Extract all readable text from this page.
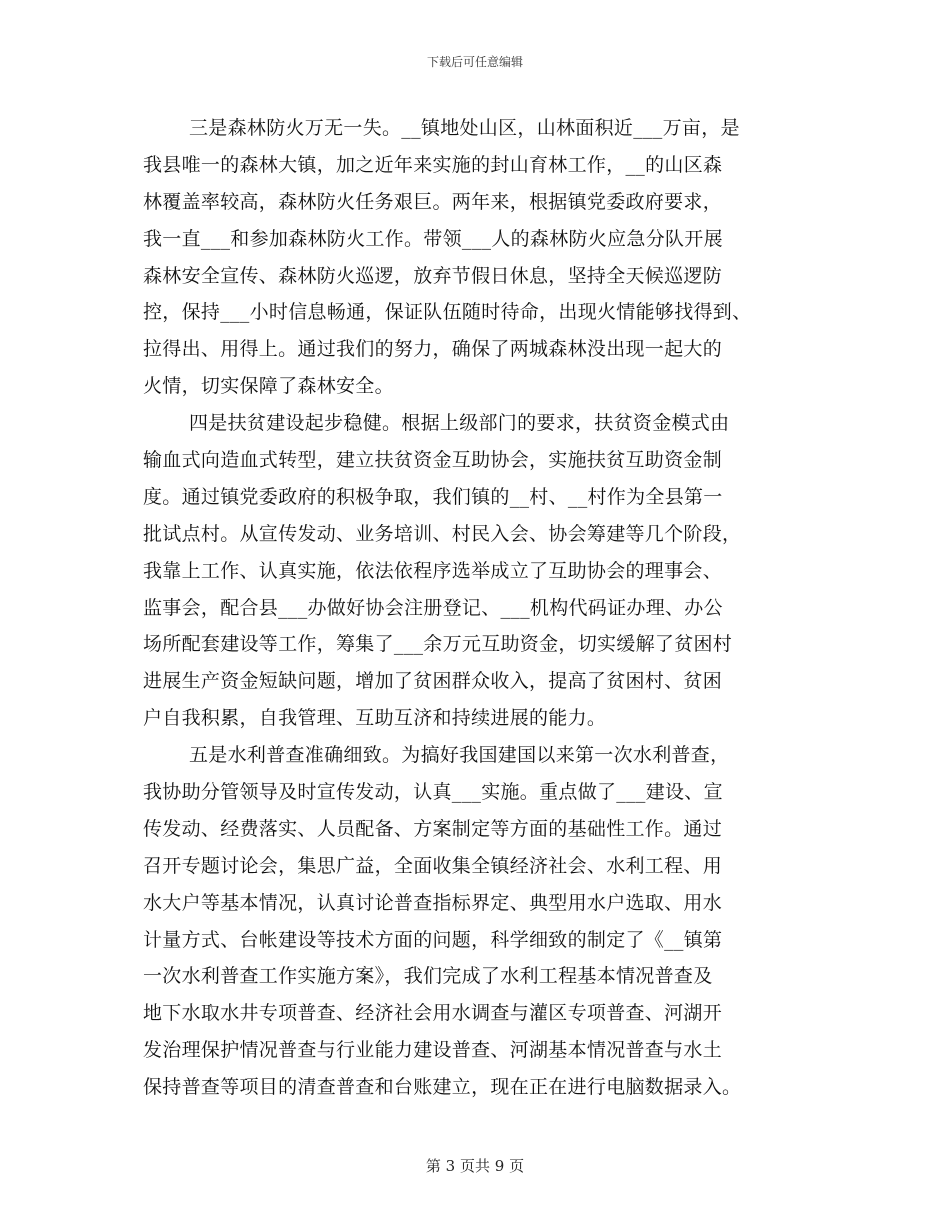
下载后可任意编辑
三是森林防火万无一失。__镇地处山区，山林面积近___万亩，是
我县唯一的森林大镇，加之近年来实施的封山育林工作，__的山区森
林覆盖率较高，森林防火任务艰巨。两年来，根据镇党委政府要求，
我一直___和参加森林防火工作。带领___人的森林防火应急分队开展
森林安全宣传、森林防火巡逻，放弃节假日休息，坚持全天候巡逻防
控，保持___小时信息畅通，保证队伍随时待命，出现火情能够找得到、
拉得出、用得上。通过我们的努力，确保了两城森林没出现一起大的
火情，切实保障了森林安全。
四是扶贫建设起步稳健。根据上级部门的要求，扶贫资金模式由
输血式向造血式转型，建立扶贫资金互助协会，实施扶贫互助资金制
度。通过镇党委政府的积极争取，我们镇的__村、__村作为全县第一
批试点村。从宣传发动、业务培训、村民入会、协会筹建等几个阶段，
我靠上工作、认真实施，依法依程序选举成立了互助协会的理事会、
监事会，配合县___办做好协会注册登记、___机构代码证办理、办公
场所配套建设等工作，筹集了___余万元互助资金，切实缓解了贫困村
进展生产资金短缺问题，增加了贫困群众收入，提高了贫困村、贫困
户自我积累，自我管理、互助互济和持续进展的能力。
五是水利普查准确细致。为搞好我国建国以来第一次水利普查，
我协助分管领导及时宣传发动，认真___实施。重点做了___建设、宣
传发动、经费落实、人员配备、方案制定等方面的基础性工作。通过
召开专题讨论会，集思广益，全面收集全镇经济社会、水利工程、用
水大户等基本情况，认真讨论普查指标界定、典型用水户选取、用水
计量方式、台帐建设等技术方面的问题，科学细致的制定了《__镇第
一次水利普查工作实施方案》，我们完成了水利工程基本情况普查及
地下水取水井专项普查、经济社会用水调查与灌区专项普查、河湖开
发治理保护情况普查与行业能力建设普查、河湖基本情况普查与水土
保持普查等项目的清查普查和台账建立，现在正在进行电脑数据录入。
第 3 页共 9 页
